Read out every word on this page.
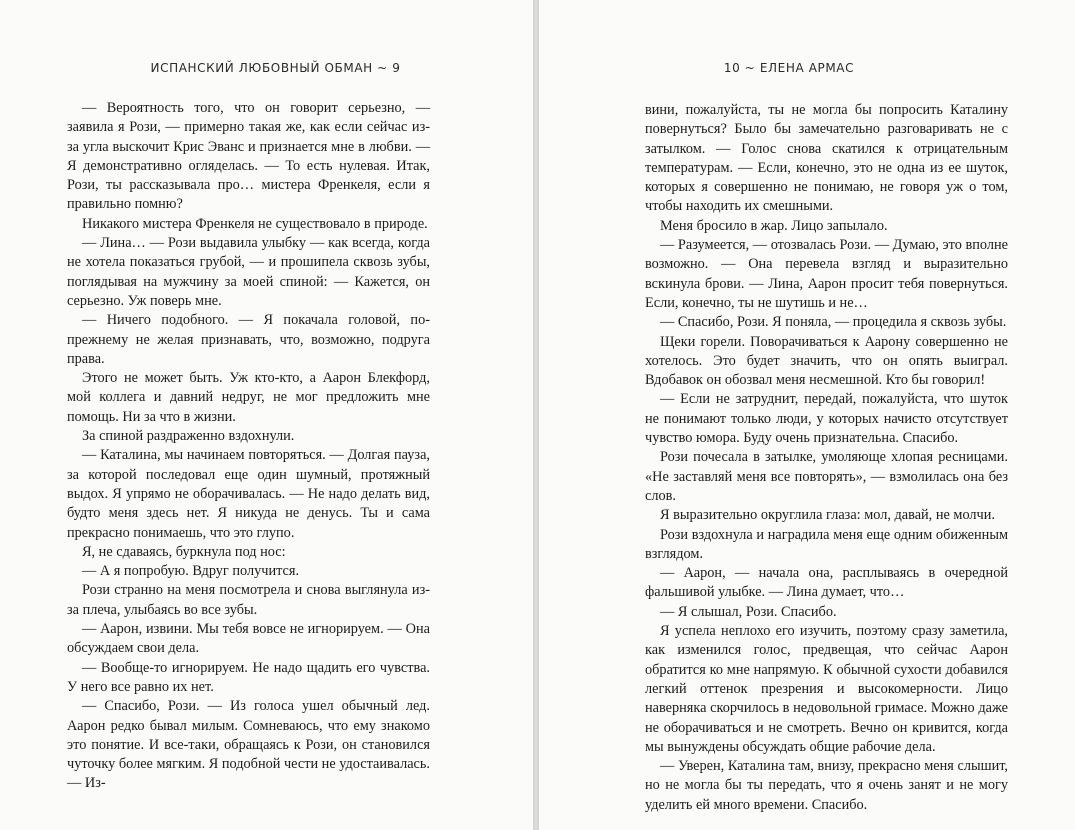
ИСПАНСКИЙ ЛЮБОВНЫЙ ОБМАН ~ 9

— Вероятность того, что он говорит серьезно, — заявила я Рози, — примерно такая же, как если сейчас из-за угла выскочит Крис Эванс и признается мне в любви. — Я демонстративно огляделась. — То есть нулевая. Итак, Рози, ты рассказывала про… мистера Френкеля, если я правильно помню?

Никакого мистера Френкеля не существовало в природе.

— Лина… — Рози выдавила улыбку — как всегда, когда не хотела показаться грубой, — и прошипела сквозь зубы, поглядывая на мужчину за моей спиной: — Кажется, он серьезно. Уж поверь мне.

— Ничего подобного. — Я покачала головой, по-прежнему не желая признавать, что, возможно, подруга права.

Этого не может быть. Уж кто-кто, а Аарон Блекфорд, мой коллега и давний недруг, не мог предложить мне помощь. Ни за что в жизни.

За спиной раздраженно вздохнули.

— Каталина, мы начинаем повторяться. — Долгая пауза, за которой последовал еще один шумный, протяжный выдох. Я упрямо не оборачивалась. — Не надо делать вид, будто меня здесь нет. Я никуда не денусь. Ты и сама прекрасно понимаешь, что это глупо.

Я, не сдаваясь, буркнула под нос:

— А я попробую. Вдруг получится.

Рози странно на меня посмотрела и снова выглянула из-за плеча, улыбаясь во все зубы.

— Аарон, извини. Мы тебя вовсе не игнорируем. — Она обсуждаем свои дела.

— Вообще-то игнорируем. Не надо щадить его чувства. У него все равно их нет.

— Спасибо, Рози. — Из голоса ушел обычный лед. Аарон редко бывал милым. Сомневаюсь, что ему знакомо это понятие. И все-таки, обращаясь к Рози, он становился чуточку более мягким. Я подобной чести не удостаивалась. — Из-

10 ~ ЕЛЕНА АРМАС

вини, пожалуйста, ты не могла бы попросить Каталину повернуться? Было бы замечательно разговаривать не с затылком. — Голос снова скатился к отрицательным температурам. — Если, конечно, это не одна из ее шуток, которых я совершенно не понимаю, не говоря уж о том, чтобы находить их смешными.

Меня бросило в жар. Лицо запылало.

— Разумеется, — отозвалась Рози. — Думаю, это вполне возможно. — Она перевела взгляд и выразительно вскинула брови. — Лина, Аарон просит тебя повернуться. Если, конечно, ты не шутишь и не…

— Спасибо, Рози. Я поняла, — процедила я сквозь зубы.

Щеки горели. Поворачиваться к Аарону совершенно не хотелось. Это будет значить, что он опять выиграл. Вдобавок он обозвал меня несмешной. Кто бы говорил!

— Если не затруднит, передай, пожалуйста, что шуток не понимают только люди, у которых начисто отсутствует чувство юмора. Буду очень признательна. Спасибо.

Рози почесала в затылке, умоляюще хлопая ресницами. «Не заставляй меня все повторять», — взмолилась она без слов.

Я выразительно округлила глаза: мол, давай, не молчи.

Рози вздохнула и наградила меня еще одним обиженным взглядом.

— Аарон, — начала она, расплываясь в очередной фальшивой улыбке. — Лина думает, что…

— Я слышал, Рози. Спасибо.

Я успела неплохо его изучить, поэтому сразу заметила, как изменился голос, предвещая, что сейчас Аарон обратится ко мне напрямую. К обычной сухости добавился легкий оттенок презрения и высокомерности. Лицо наверняка скорчилось в недовольной гримасе. Можно даже не оборачиваться и не смотреть. Вечно он кривится, когда мы вынуждены обсуждать общие рабочие дела.

— Уверен, Каталина там, внизу, прекрасно меня слышит, но не могла бы ты передать, что я очень занят и не могу уделить ей много времени. Спасибо.
